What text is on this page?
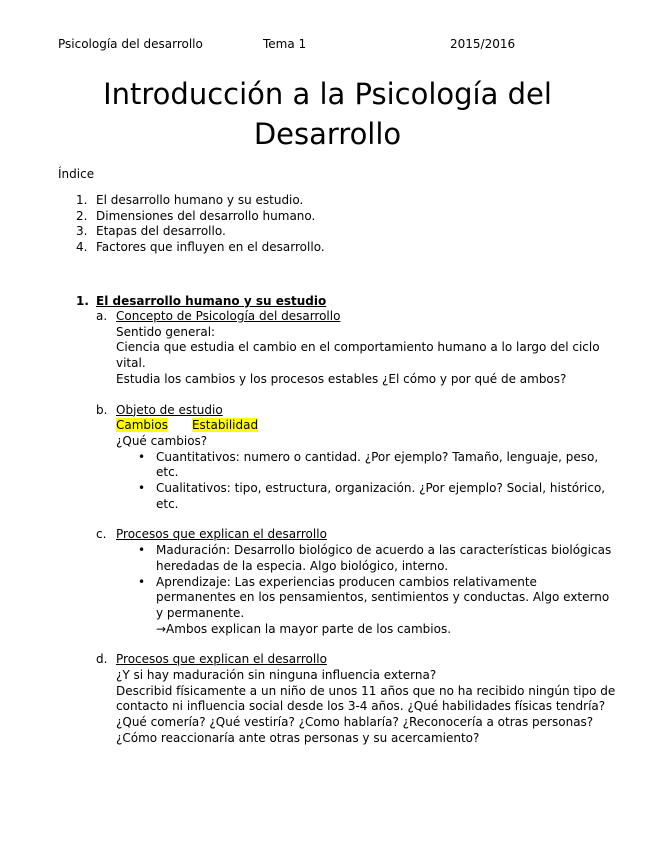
Psicología del desarrollo	Tema 1	2015/2016
Introducción a la Psicología del
Desarrollo
Índice
1. El desarrollo humano y su estudio.
2. Dimensiones del desarrollo humano.
3. Etapas del desarrollo.
4. Factores que influyen en el desarrollo.
1. El desarrollo humano y su estudio
a. Concepto de Psicología del desarrollo

Sentido general:

Ciencia que estudia el cambio en el comportamiento humano a lo largo del ciclo vital.

Estudia los cambios y los procesos estables ¿El cómo y por qué de ambos?

b. Objeto de estudio

Cambios Estabilidad

¿Qué cambios?

• Cuantitativos: numero o cantidad. ¿Por ejemplo? Tamaño, lenguaje, peso, etc.
• Cualitativos: tipo, estructura, organización. ¿Por ejemplo? Social, histórico, etc.
c. Procesos que explican el desarrollo

• Maduración: Desarrollo biológico de acuerdo a las características biológicas heredadas de la especia. Algo biológico, interno.
• Aprendizaje: Las experiencias producen cambios relativamente permanentes en los pensamientos, sentimientos y conductas. Algo externo y permanente.
→Ambos explican la mayor parte de los cambios.
d. Procesos que explican el desarrollo

¿Y si hay maduración sin ninguna influencia externa?

Describid físicamente a un niño de unos 11 años que no ha recibido ningún tipo de contacto ni influencia social desde los 3-4 años. ¿Qué habilidades físicas tendría?¿Qué comería? ¿Qué vestiría? ¿Como hablaría? ¿Reconocería a otras personas? ¿Cómo reaccionaría ante otras personas y su acercamiento?
